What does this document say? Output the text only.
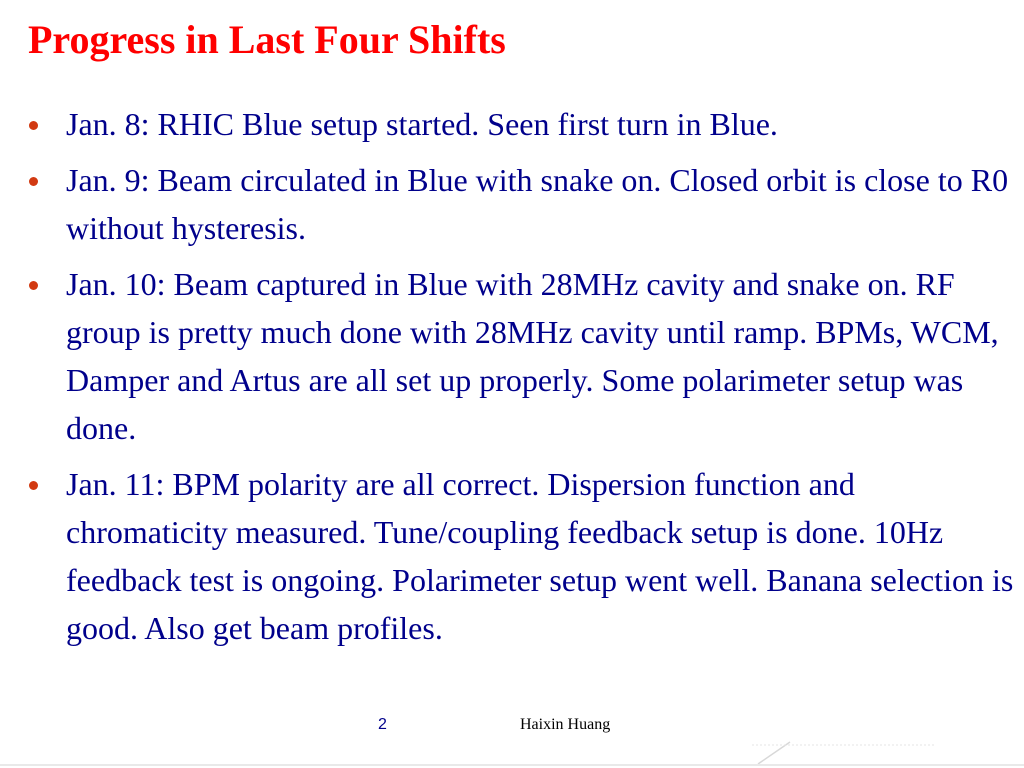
Progress in Last Four Shifts
Jan. 8: RHIC Blue setup started. Seen first turn in Blue.
Jan. 9: Beam circulated in Blue with snake on. Closed orbit is close to R0 without hysteresis.
Jan. 10: Beam captured in Blue with 28MHz cavity and snake on. RF group is pretty much done with 28MHz cavity until ramp. BPMs, WCM, Damper and Artus are all set up properly. Some polarimeter setup was done.
Jan. 11: BPM polarity are all correct. Dispersion function and chromaticity measured. Tune/coupling feedback setup is done. 10Hz feedback test is ongoing. Polarimeter setup went well. Banana selection is good. Also get beam profiles.
2	Haixin Huang
